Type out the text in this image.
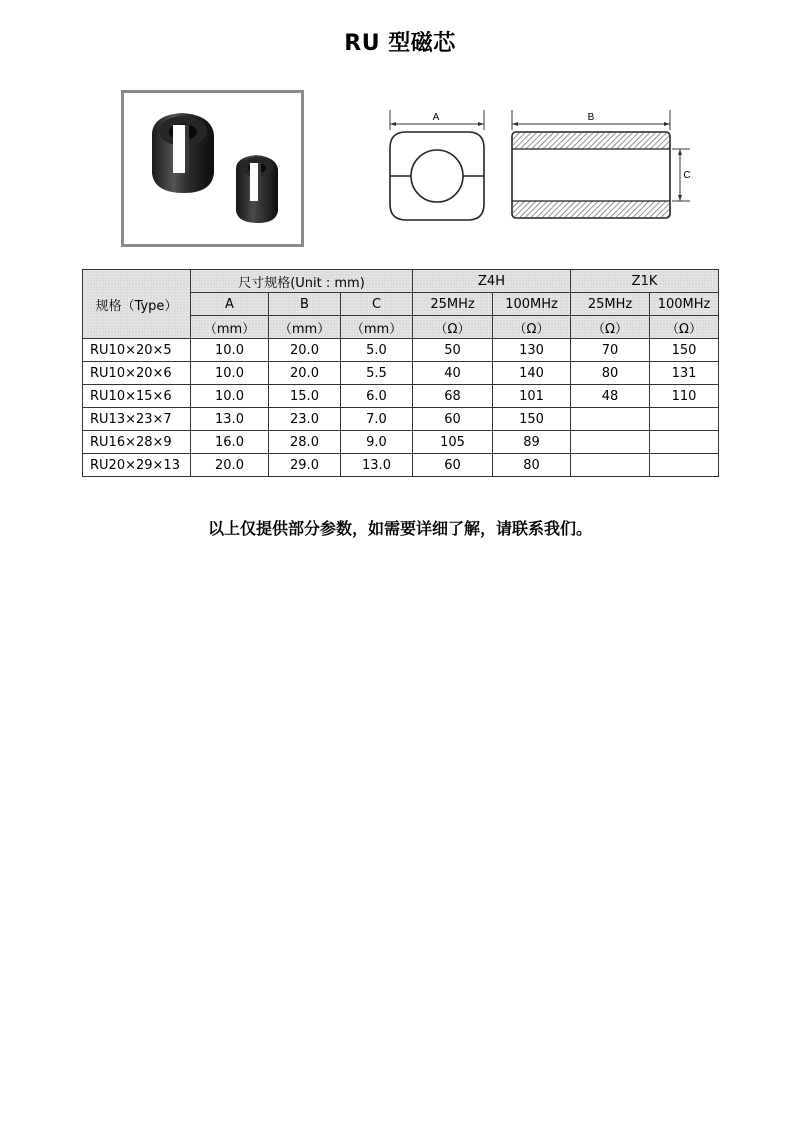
RU 型磁芯
A	B
C
规格（Type）	尺寸规格(Unit : mm)			Z4H		Z1K	
	A	B	C	25MHz	100MHz	25MHz	100MHz
	（mm）	（mm）	（mm）	（Ω）	（Ω）	（Ω）	（Ω）
RU10×20×5	10.0	20.0	5.0	50	130	70	150
RU10×20×6	10.0	20.0	5.5	40	140	80	131
RU10×15×6	10.0	15.0	6.0	68	101	48	110
RU13×23×7	13.0	23.0	7.0	60	150		
RU16×28×9	16.0	28.0	9.0	105	89		
RU20×29×13	20.0	29.0	13.0	60	80		
以上仅提供部分参数，如需要详细了解，请联系我们。
